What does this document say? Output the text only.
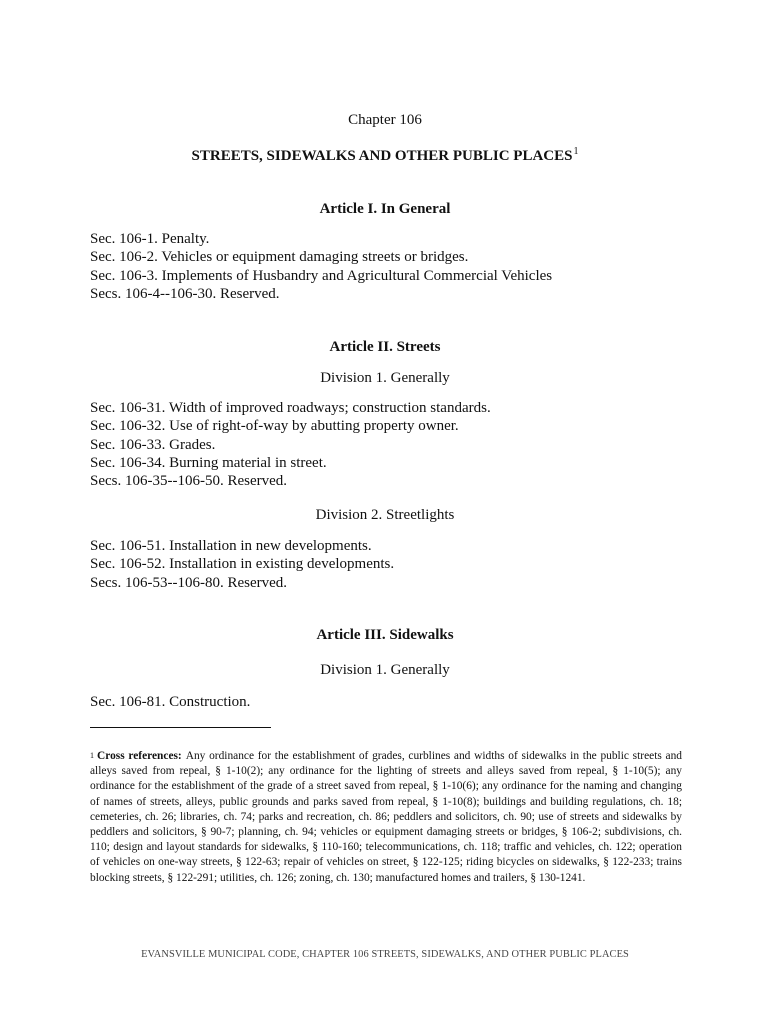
Chapter 106
STREETS, SIDEWALKS AND OTHER PUBLIC PLACES$^1$
Article I. In General
Sec. 106-1. Penalty.
Sec. 106-2. Vehicles or equipment damaging streets or bridges.
Sec. 106-3. Implements of Husbandry and Agricultural Commercial Vehicles
Secs. 106-4--106-30. Reserved.
Article II. Streets
Division 1. Generally
Sec. 106-31. Width of improved roadways; construction standards.
Sec. 106-32. Use of right-of-way by abutting property owner.
Sec. 106-33. Grades.
Sec. 106-34. Burning material in street.
Secs. 106-35--106-50. Reserved.
Division 2. Streetlights
Sec. 106-51. Installation in new developments.
Sec. 106-52. Installation in existing developments.
Secs. 106-53--106-80. Reserved.
Article III. Sidewalks
Division 1. Generally
Sec. 106-81. Construction.
$^1$ Cross references: Any ordinance for the establishment of grades, curblines and widths of sidewalks in the public streets and alleys saved from repeal, § 1-10(2); any ordinance for the lighting of streets and alleys saved from repeal, § 1-10(5); any ordinance for the establishment of the grade of a street saved from repeal, § 1-10(6); any ordinance for the naming and changing of names of streets, alleys, public grounds and parks saved from repeal, § 1-10(8); buildings and building regulations, ch. 18; cemeteries, ch. 26; libraries, ch. 74; parks and recreation, ch. 86; peddlers and solicitors, ch. 90; use of streets and sidewalks by peddlers and solicitors, § 90-7; planning, ch. 94; vehicles or equipment damaging streets or bridges, § 106-2; subdivisions, ch. 110; design and layout standards for sidewalks, § 110-160; telecommunications, ch. 118; traffic and vehicles, ch. 122; operation of vehicles on one-way streets, § 122-63; repair of vehicles on street, § 122-125; riding bicycles on sidewalks, § 122-233; trains blocking streets, § 122-291; utilities, ch. 126; zoning, ch. 130; manufactured homes and trailers, § 130-1241.
EVANSVILLE MUNICIPAL CODE, CHAPTER 106 STREETS, SIDEWALKS, AND OTHER PUBLIC PLACES
